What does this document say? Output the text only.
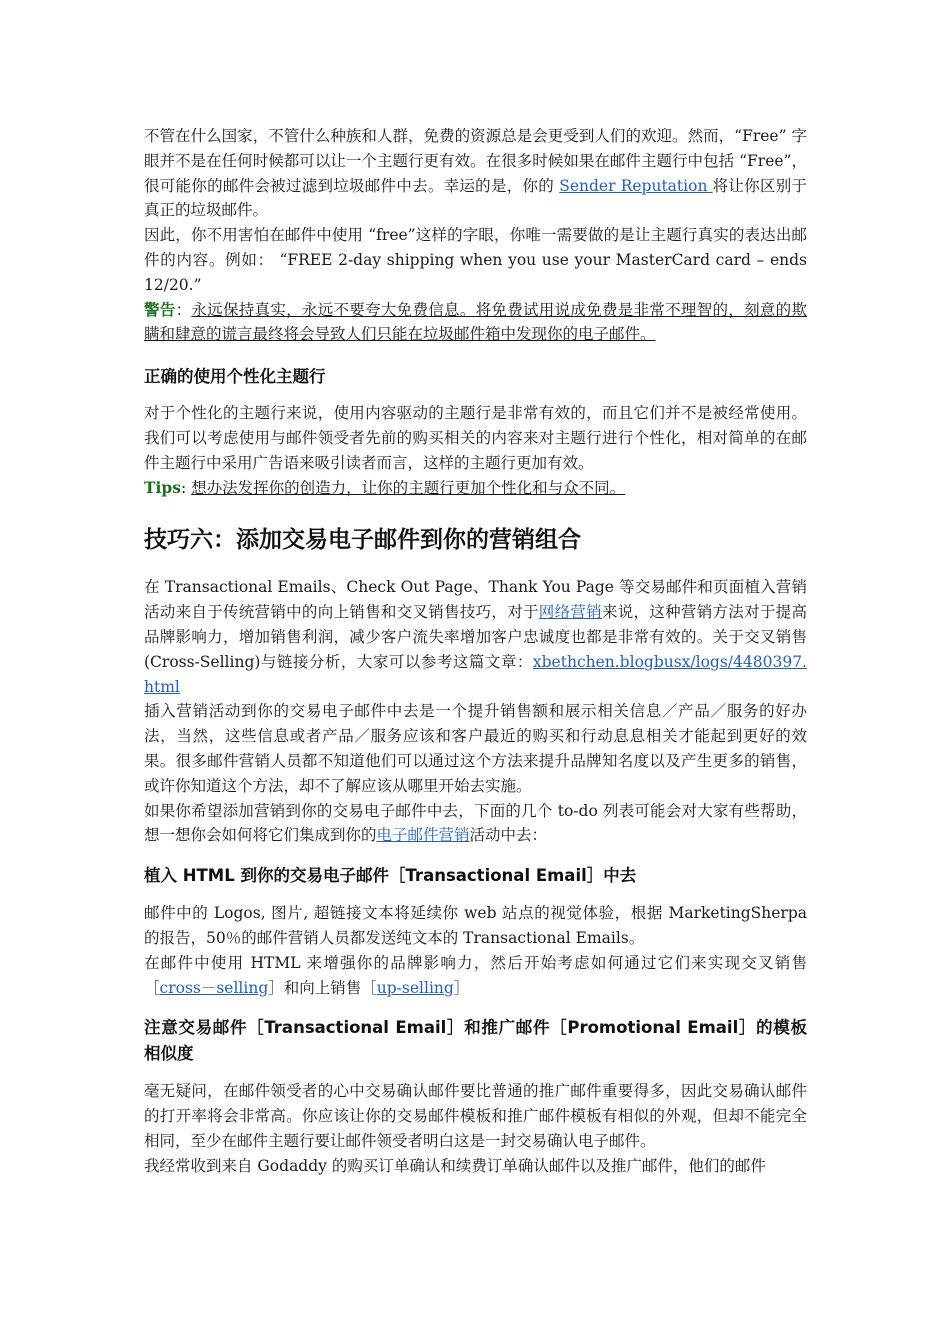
不管在什么国家，不管什么种族和人群，免费的资源总是会更受到人们的欢迎。然而，“Free” 字眼并不是在任何时候都可以让一个主题行更有效。在很多时候如果在邮件主题行中包括 “Free”，很可能你的邮件会被过滤到垃圾邮件中去。幸运的是，你的 Sender Reputation 将让你区别于真正的垃圾邮件。

因此，你不用害怕在邮件中使用 “free”这样的字眼，你唯一需要做的是让主题行真实的表达出邮件的内容。例如： “FREE 2-day shipping when you use your MasterCard card – ends 12/20.”

警告：永远保持真实，永远不要夸大免费信息。将免费试用说成免费是非常不理智的，刻意的欺瞒和肆意的谎言最终将会导致人们只能在垃圾邮件箱中发现你的电子邮件。

正确的使用个性化主题行

对于个性化的主题行来说，使用内容驱动的主题行是非常有效的，而且它们并不是被经常使用。我们可以考虑使用与邮件领受者先前的购买相关的内容来对主题行进行个性化，相对简单的在邮件主题行中采用广告语来吸引读者而言，这样的主题行更加有效。

Tips: 想办法发挥你的创造力，让你的主题行更加个性化和与众不同。

技巧六：添加交易电子邮件到你的营销组合

在 Transactional Emails、Check Out Page、Thank You Page 等交易邮件和页面植入营销活动来自于传统营销中的向上销售和交叉销售技巧，对于网络营销来说，这种营销方法对于提高品牌影响力，增加销售利润，减少客户流失率增加客户忠诚度也都是非常有效的。关于交叉销售(Cross-Selling)与链接分析，大家可以参考这篇文章：xbethchen.blogbusx/logs/4480397.html

插入营销活动到你的交易电子邮件中去是一个提升销售额和展示相关信息／产品／服务的好办法，当然，这些信息或者产品／服务应该和客户最近的购买和行动息息相关才能起到更好的效果。很多邮件营销人员都不知道他们可以通过这个方法来提升品牌知名度以及产生更多的销售，或许你知道这个方法，却不了解应该从哪里开始去实施。

如果你希望添加营销到你的交易电子邮件中去，下面的几个 to-do 列表可能会对大家有些帮助，想一想你会如何将它们集成到你的电子邮件营销活动中去：

植入 HTML 到你的交易电子邮件［Transactional Email］中去

邮件中的 Logos, 图片, 超链接文本将延续你 web 站点的视觉体验，根据 MarketingSherpa 的报告，50％的邮件营销人员都发送纯文本的 Transactional Emails。

在邮件中使用 HTML 来增强你的品牌影响力，然后开始考虑如何通过它们来实现交叉销售［cross－selling］和向上销售［up-selling］

注意交易邮件［Transactional Email］和推广邮件［Promotional Email］的模板相似度

毫无疑问，在邮件领受者的心中交易确认邮件要比普通的推广邮件重要得多，因此交易确认邮件的打开率将会非常高。你应该让你的交易邮件模板和推广邮件模板有相似的外观，但却不能完全相同，至少在邮件主题行要让邮件领受者明白这是一封交易确认电子邮件。

我经常收到来自 Godaddy 的购买订单确认和续费订单确认邮件以及推广邮件，他们的邮件
